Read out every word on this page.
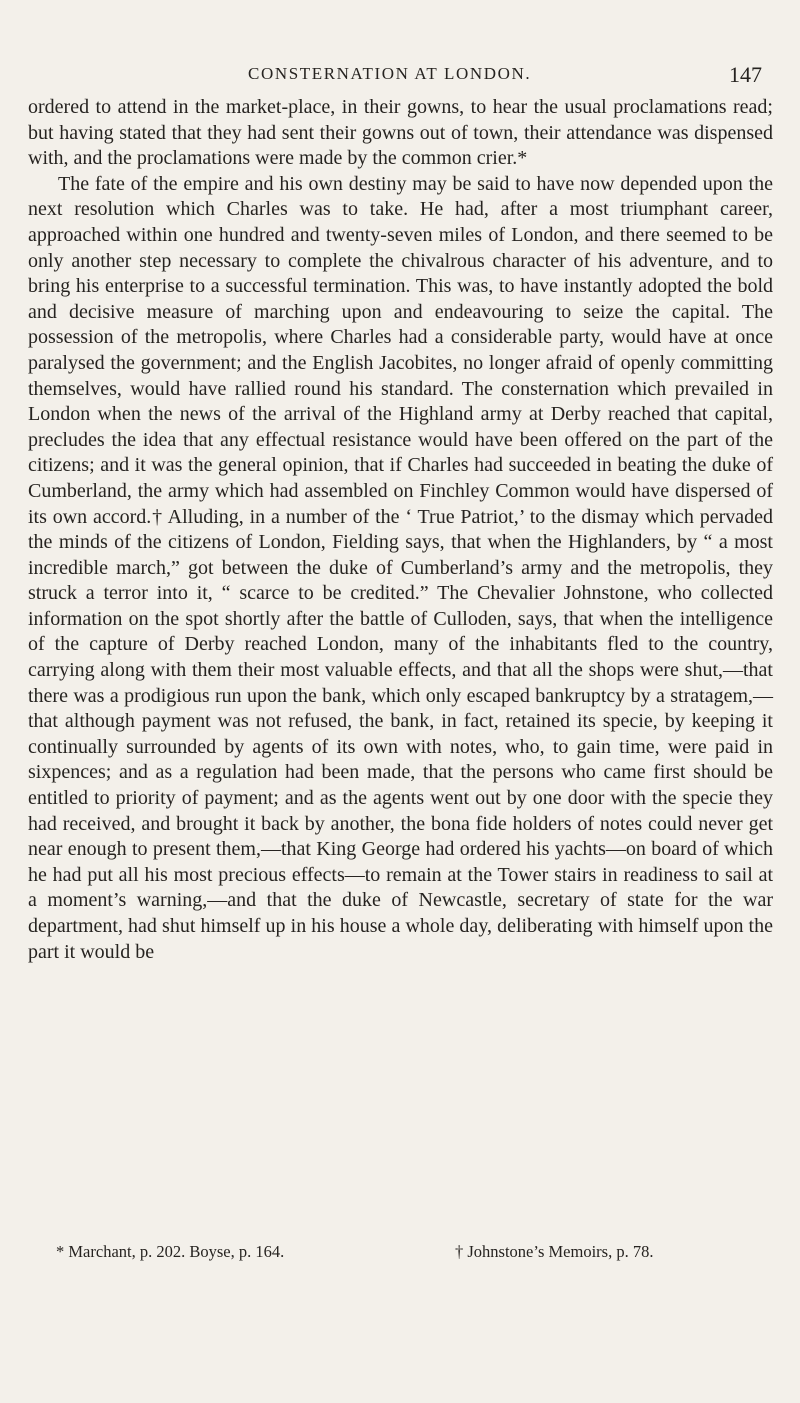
CONSTERNATION AT LONDON.	147

ordered to attend in the market-place, in their gowns, to hear the usual proclamations read; but having stated that they had sent their gowns out of town, their attendance was dispensed with, and the proclamations were made by the common crier.*

The fate of the empire and his own destiny may be said to have now depended upon the next resolution which Charles was to take. He had, after a most triumphant career, approached within one hundred and twenty-seven miles of London, and there seemed to be only another step necessary to complete the chivalrous character of his adventure, and to bring his enterprise to a successful termination. This was, to have instantly adopted the bold and decisive measure of marching upon and endeavouring to seize the capital. The possession of the metropolis, where Charles had a considerable party, would have at once paralysed the government; and the English Jacobites, no longer afraid of openly committing themselves, would have rallied round his standard. The consternation which prevailed in London when the news of the arrival of the Highland army at Derby reached that capital, precludes the idea that any effectual resistance would have been offered on the part of the citizens; and it was the general opinion, that if Charles had succeeded in beating the duke of Cumberland, the army which had assembled on Finchley Common would have dispersed of its own accord.† Alluding, in a number of the ‘ True Patriot,’ to the dismay which pervaded the minds of the citizens of London, Fielding says, that when the Highlanders, by “ a most incredible march,” got between the duke of Cumberland’s army and the metropolis, they struck a terror into it, “ scarce to be credited.” The Chevalier Johnstone, who collected information on the spot shortly after the battle of Culloden, says, that when the intelligence of the capture of Derby reached London, many of the inhabitants fled to the country, carrying along with them their most valuable effects, and that all the shops were shut,—that there was a prodigious run upon the bank, which only escaped bankruptcy by a stratagem,—that although payment was not refused, the bank, in fact, retained its specie, by keeping it continually surrounded by agents of its own with notes, who, to gain time, were paid in sixpences; and as a regulation had been made, that the persons who came first should be entitled to priority of payment; and as the agents went out by one door with the specie they had received, and brought it back by another, the bona fide holders of notes could never get near enough to present them,—that King George had ordered his yachts—on board of which he had put all his most precious effects—to remain at the Tower stairs in readiness to sail at a moment’s warning,—and that the duke of Newcastle, secretary of state for the war department, had shut himself up in his house a whole day, deliberating with himself upon the part it would be

* Marchant, p. 202. Boyse, p. 164.	† Johnstone’s Memoirs, p. 78.
